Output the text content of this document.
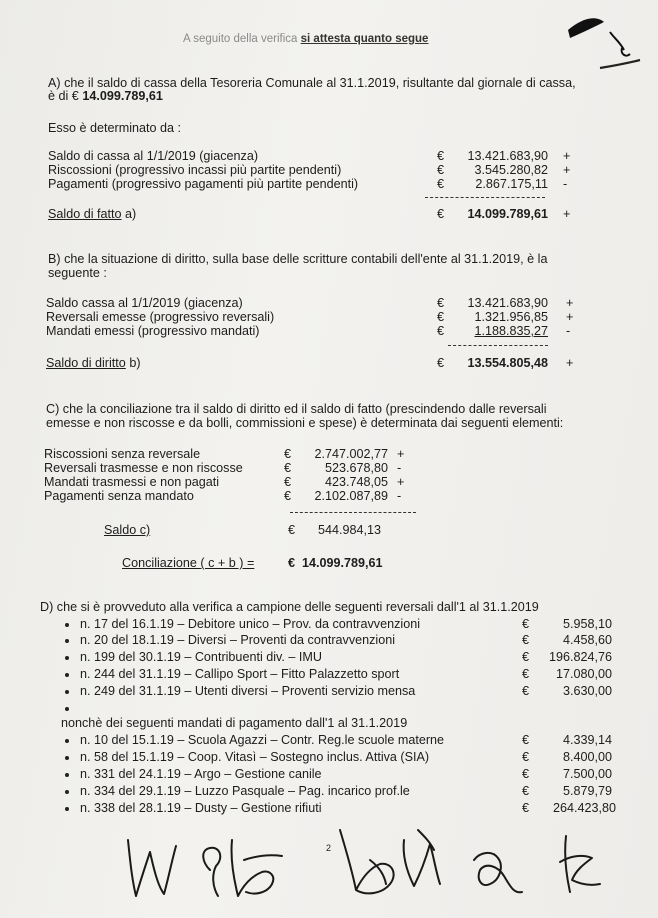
A seguito della verifica si attesta quanto segue
A) che il saldo di cassa della Tesoreria Comunale al 31.1.2019, risultante dal giornale di cassa,
è di € 14.099.789,61
Esso è determinato da :
Saldo di cassa al 1/1/2019 (giacenza)	€ 13.421.683,90 +
Riscossioni (progressivo incassi più partite pendenti)	€	3.545.280,82 +
Pagamenti (progressivo pagamenti più partite pendenti)	€	2.867.175,11 -
Saldo di fatto a)	€ 14.099.789,61 +
B) che la situazione di diritto, sulla base delle scritture contabili dell'ente al 31.1.2019, è la
seguente :
Saldo cassa al 1/1/2019 (giacenza)	€ 13.421.683,90 +
Reversali emesse (progressivo reversali)	€	1.321.956,85 +
Mandati emessi (progressivo mandati)	€	1.188.835,27 -
Saldo di diritto b)	€ 13.554.805,48 +
C) che la conciliazione tra il saldo di diritto ed il saldo di fatto (prescindendo dalle reversali
emesse e non riscosse e da bolli, commissioni e spese) è determinata dai seguenti elementi:
Riscossioni senza reversale	€	2.747.002,77 +
Reversali trasmesse e non riscosse	€	523.678,80 -
Mandati trasmessi e non pagati	€	423.748,05 +
Pagamenti senza mandato	€	2.102.087,89 -
Saldo c)	€ 544.984,13
Conciliazione ( c + b ) =	€ 14.099.789,61
D) che si è provveduto alla verifica a campione delle seguenti reversali dall'1 al 31.1.2019
n. 17 del 16.1.19 – Debitore unico – Prov. da contravvenzioni	€	5.958,10
n. 20 del 18.1.19 – Diversi – Proventi da contravvenzioni	€	4.458,60
n. 199 del 30.1.19 – Contribuenti div. – IMU	€	196.824,76
n. 244 del 31.1.19 – Callipo Sport – Fitto Palazzetto sport	€	17.080,00
n. 249 del 31.1.19 – Utenti diversi – Proventi servizio mensa	€	3.630,00
nonchè dei seguenti mandati di pagamento dall'1 al 31.1.2019
n. 10 del 15.1.19 – Scuola Agazzi – Contr. Reg.le scuole materne	€	4.339,14
n. 58 del 15.1.19 – Coop. Vitasì – Sostegno inclus. Attiva (SIA)	€	8.400,00
n. 331 del 24.1.19 – Argo – Gestione canile	€	7.500,00
n. 334 del 29.1.19 – Luzzo Pasquale – Pag. incarico prof.le	€	5.879,79
n. 338 del 28.1.19 – Dusty – Gestione rifiuti	€	264.423,80
2
